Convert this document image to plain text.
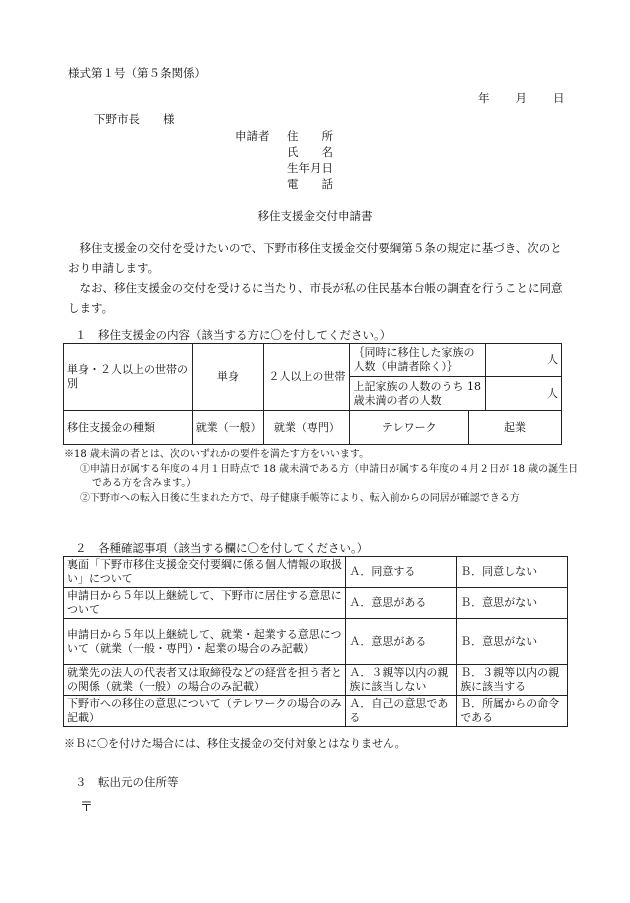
様式第１号（第５条関係）
年　　月　　日
下野市長　　様
申請者 住　　所
氏　　名
生年月日
電　　話
移住支援金交付申請書
移住支援金の交付を受けたいので、下野市移住支援金交付要綱第５条の規定に基づき、次のとおり申請します。
なお、移住支援金の交付を受けるに当たり、市長が私の住民基本台帳の調査を行うことに同意します。
１　移住支援金の内容（該当する方に〇を付してください。）
単身・２人以上の世帯の別	単身	２人以上の世帯	｛同時に移住した家族の人数（申請者除く）｝		人
			上記家族の人数のうち 18 歳未満の者の人数		人
移住支援金の種類	就業（一般）	就業（専門）	テレワーク	起業	
※18 歳未満の者とは、次のいずれかの要件を満たす方をいいます。
①申請日が属する年度の４月１日時点で 18 歳未満である方（申請日が属する年度の４月２日が 18 歳の誕生日である方を含みます。）
②下野市への転入日後に生まれた方で、母子健康手帳等により、転入前からの同居が確認できる方
２　各種確認事項（該当する欄に〇を付してください。）
裏面「下野市移住支援金交付要綱に係る個人情報の取扱い」について	Ａ．同意する	Ｂ．同意しない
申請日から５年以上継続して、下野市に居住する意思について	Ａ．意思がある	Ｂ．意思がない
申請日から５年以上継続して、就業・起業する意思について（就業（一般・専門）・起業の場合のみ記載）	Ａ．意思がある	Ｂ．意思がない
就業先の法人の代表者又は取締役などの経営を担う者との関係（就業（一般）の場合のみ記載）	Ａ．３親等以内の親族に該当しない	Ｂ．３親等以内の親族に該当する
下野市への移住の意思について（テレワークの場合のみ記載）	Ａ．自己の意思である	Ｂ．所属からの命令である
※Ｂに〇を付けた場合には、移住支援金の交付対象とはなりません。
３　転出元の住所等
〒
